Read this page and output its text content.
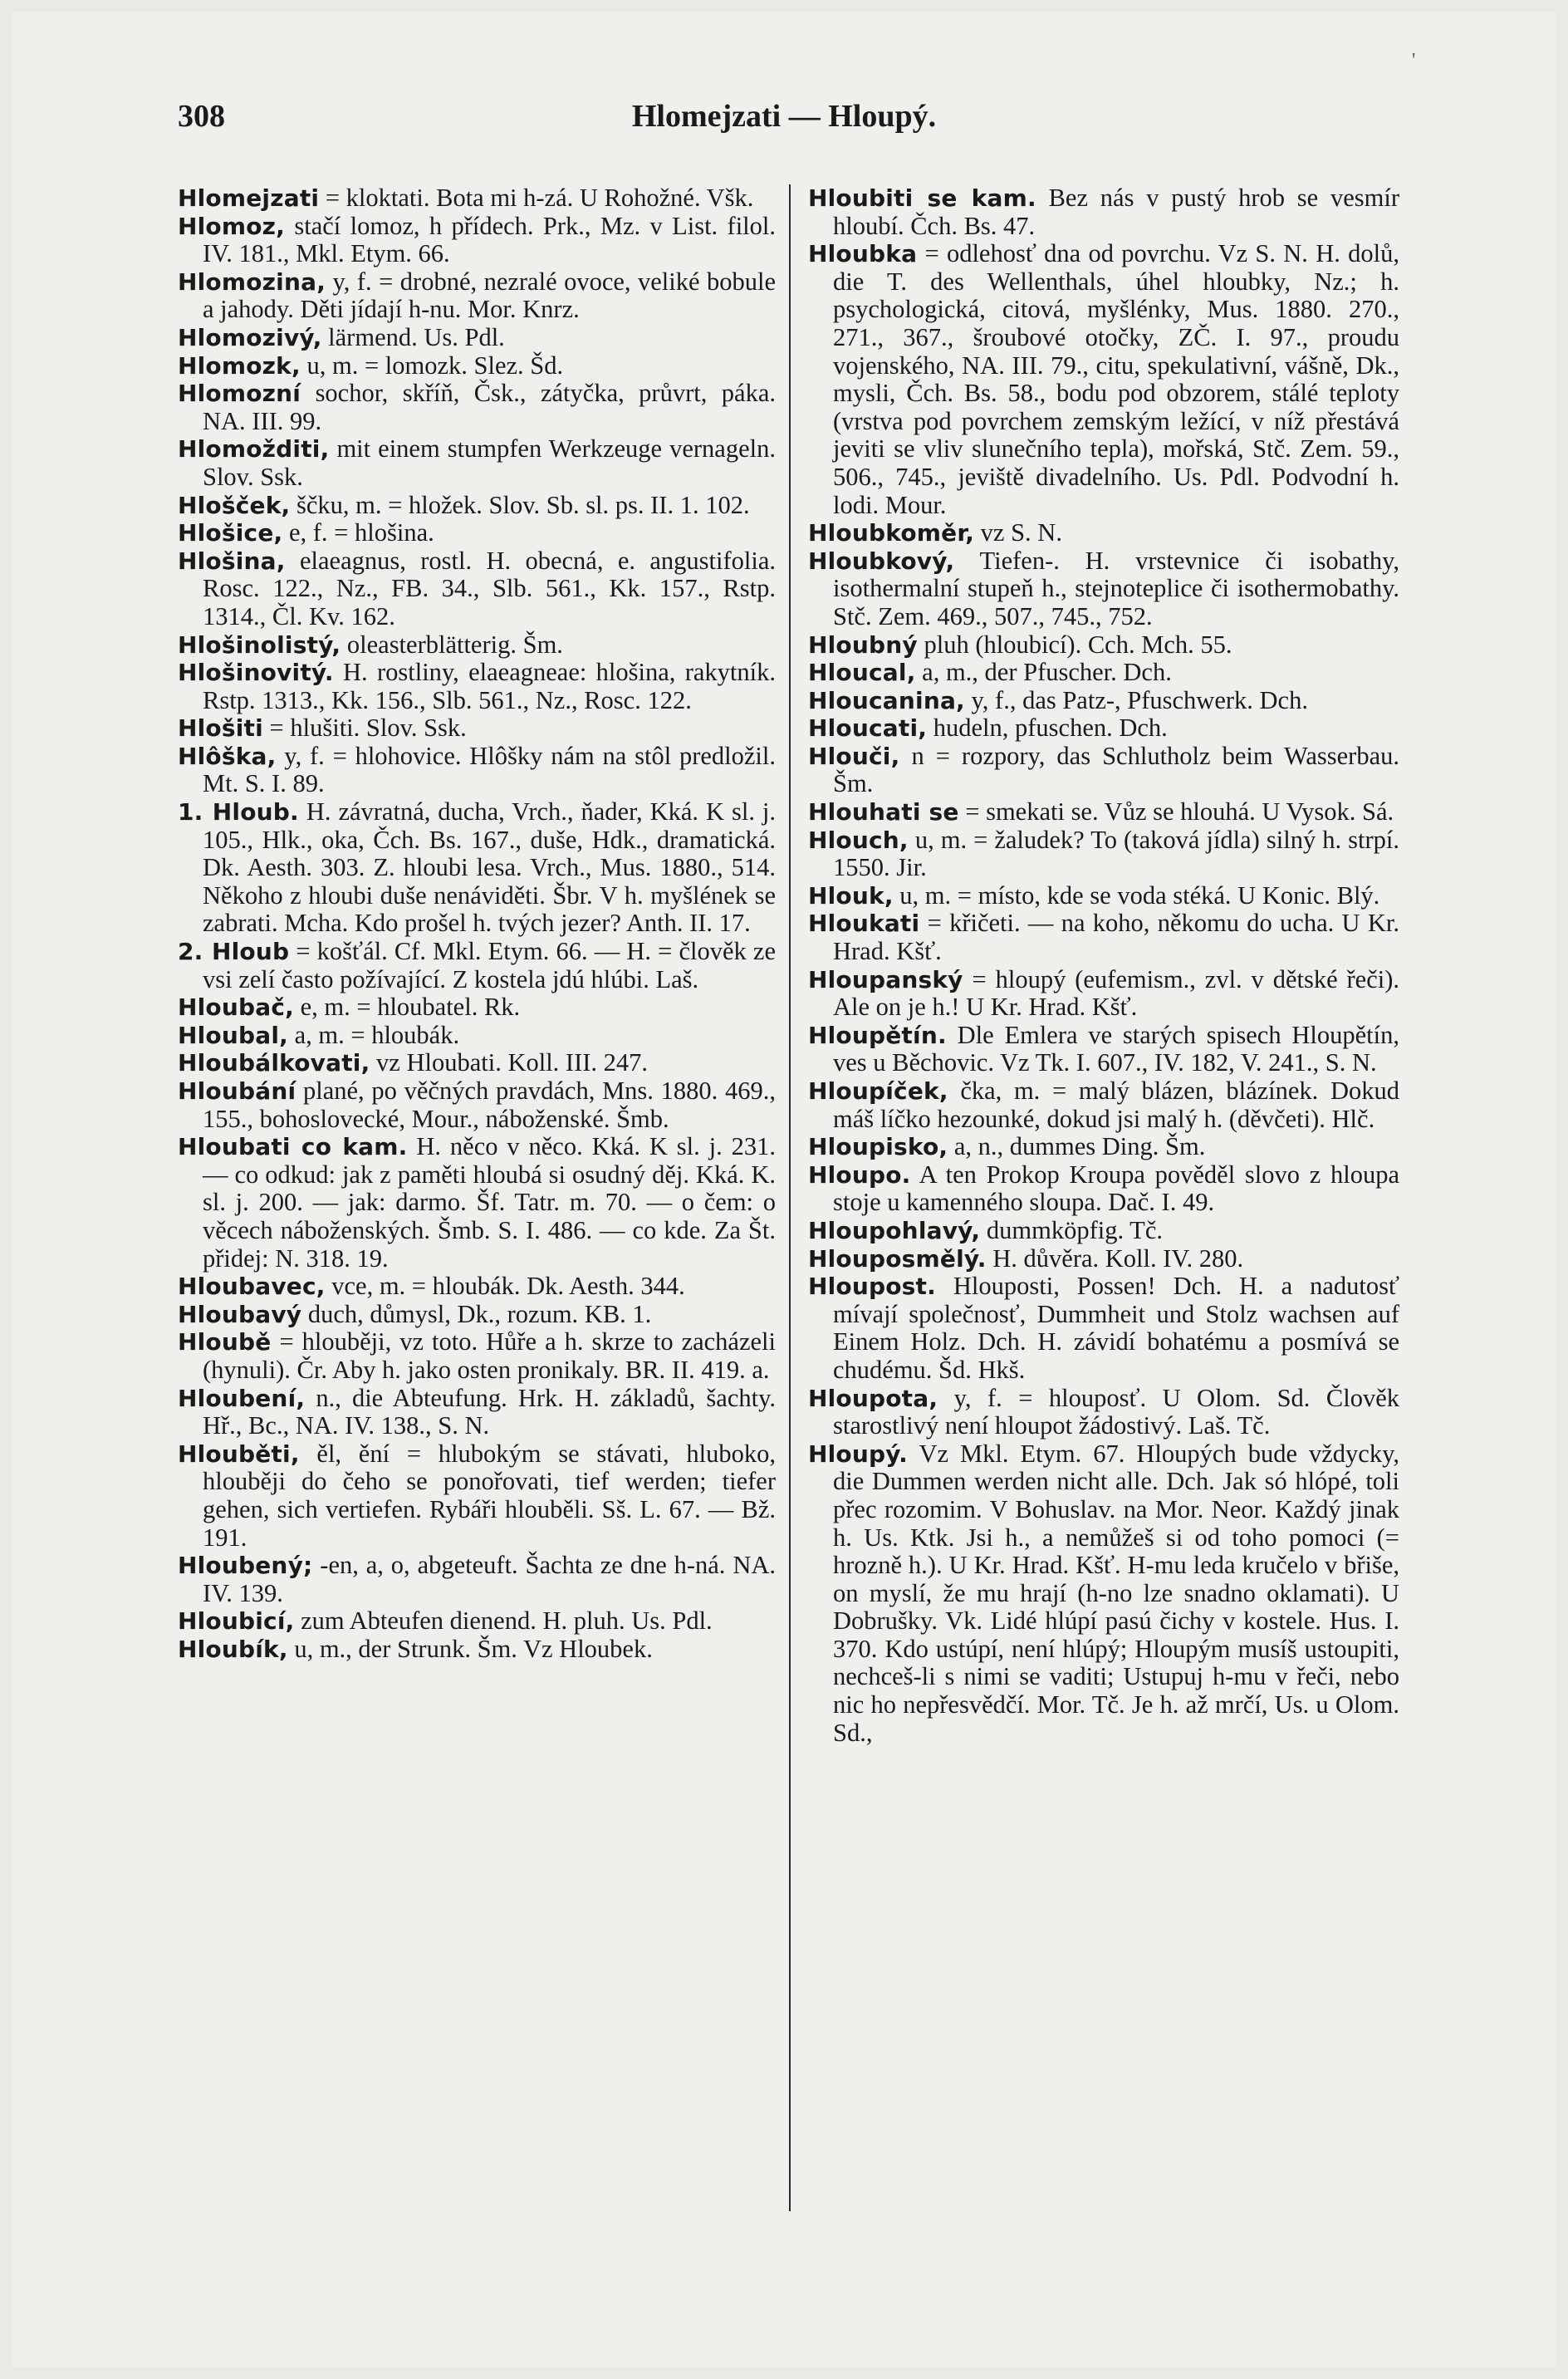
308	Hlomejzati — Hloupý.
'

Hlomejzati = kloktati. Bota mi h-zá. U Rohožné. Všk.

Hlomoz, stačí lomoz, h přídech. Prk., Mz. v List. filol. IV. 181., Mkl. Etym. 66.

Hlomozina, y, f. = drobné, nezralé ovoce, veliké bobule a jahody. Děti jídají h-nu. Mor. Knrz.

Hlomozivý, lärmend. Us. Pdl.

Hlomozk, u, m. = lomozk. Slez. Šd.

Hlomozní sochor, skříň, Čsk., zátyčka, průvrt, páka. NA. III. 99.

Hlomožditi, mit einem stumpfen Werkzeuge vernageln. Slov. Ssk.

Hlošček, ščku, m. = hložek. Slov. Sb. sl. ps. II. 1. 102.

Hlošice, e, f. = hlošina.

Hlošina, elaeagnus, rostl. H. obecná, e. angustifolia. Rosc. 122., Nz., FB. 34., Slb. 561., Kk. 157., Rstp. 1314., Čl. Kv. 162.

Hlošinolistý, oleasterblätterig. Šm.

Hlošinovitý. H. rostliny, elaeagneae: hlošina, rakytník. Rstp. 1313., Kk. 156., Slb. 561., Nz., Rosc. 122.

Hlošiti = hlušiti. Slov. Ssk.

Hlôška, y, f. = hlohovice. Hlôšky nám na stôl predložil. Mt. S. I. 89.

1. Hloub. H. závratná, ducha, Vrch., ňader, Kká. K sl. j. 105., Hlk., oka, Čch. Bs. 167., duše, Hdk., dramatická. Dk. Aesth. 303. Z. hloubi lesa. Vrch., Mus. 1880., 514. Někoho z hloubi duše nenáviděti. Šbr. V h. myšlének se zabrati. Mcha. Kdo prošel h. tvých jezer? Anth. II. 17.

2. Hloub = košťál. Cf. Mkl. Etym. 66. — H. = člověk ze vsi zelí často požívající. Z kostela jdú hlúbi. Laš.

Hloubač, e, m. = hloubatel. Rk.

Hloubal, a, m. = hloubák.

Hloubálkovati, vz Hloubati. Koll. III. 247.

Hloubání plané, po věčných pravdách, Mns. 1880. 469., 155., bohoslovecké, Mour., náboženské. Šmb.

Hloubati co kam. H. něco v něco. Kká. K sl. j. 231. — co odkud: jak z paměti hloubá si osudný děj. Kká. K. sl. j. 200. — jak: darmo. Šf. Tatr. m. 70. — o čem: o věcech náboženských. Šmb. S. I. 486. — co kde. Za Št. přidej: N. 318. 19.

Hloubavec, vce, m. = hloubák. Dk. Aesth. 344.

Hloubavý duch, důmysl, Dk., rozum. KB. 1.

Hloubě = hlouběji, vz toto. Hůře a h. skrze to zacházeli (hynuli). Čr. Aby h. jako osten pronikaly. BR. II. 419. a.

Hloubení, n., die Abteufung. Hrk. H. základů, šachty. Hř., Bc., NA. IV. 138., S. N.

Hlouběti, ěl, ění = hlubokým se stávati, hluboko, hlouběji do čeho se ponořovati, tief werden; tiefer gehen, sich vertiefen. Rybáři hlouběli. Sš. L. 67. — Bž. 191.

Hloubený; -en, a, o, abgeteuft. Šachta ze dne h-ná. NA. IV. 139.

Hloubicí, zum Abteufen dienend. H. pluh. Us. Pdl.

Hloubík, u, m., der Strunk. Šm. Vz Hloubek.

Hloubiti se kam. Bez nás v pustý hrob se vesmír hloubí. Čch. Bs. 47.

Hloubka = odlehosť dna od povrchu. Vz S. N. H. dolů, die T. des Wellenthals, úhel hloubky, Nz.; h. psychologická, citová, myšlénky, Mus. 1880. 270., 271., 367., šroubové otočky, ZČ. I. 97., proudu vojenského, NA. III. 79., citu, spekulativní, vášně, Dk., mysli, Čch. Bs. 58., bodu pod obzorem, stálé teploty (vrstva pod povrchem zemským ležící, v níž přestává jeviti se vliv slunečního tepla), mořská, Stč. Zem. 59., 506., 745., jeviště divadelního. Us. Pdl. Podvodní h. lodi. Mour.

Hloubkoměr, vz S. N.

Hloubkový, Tiefen-. H. vrstevnice či isobathy, isothermalní stupeň h., stejnoteplice či isothermobathy. Stč. Zem. 469., 507., 745., 752.

Hloubný pluh (hloubicí). Cch. Mch. 55.

Hloucal, a, m., der Pfuscher. Dch.

Hloucanina, y, f., das Patz-, Pfuschwerk. Dch.

Hloucati, hudeln, pfuschen. Dch.

Hlouči, n = rozpory, das Schlutholz beim Wasserbau. Šm.

Hlouhati se = smekati se. Vůz se hlouhá. U Vysok. Sá.

Hlouch, u, m. = žaludek? To (taková jídla) silný h. strpí. 1550. Jir.

Hlouk, u, m. = místo, kde se voda stéká. U Konic. Blý.

Hloukati = křičeti. — na koho, někomu do ucha. U Kr. Hrad. Kšť.

Hloupanský = hloupý (eufemism., zvl. v dětské řeči). Ale on je h.! U Kr. Hrad. Kšť.

Hloupětín. Dle Emlera ve starých spisech Hloupětín, ves u Běchovic. Vz Tk. I. 607., IV. 182, V. 241., S. N.

Hloupíček, čka, m. = malý blázen, blázínek. Dokud máš líčko hezounké, dokud jsi malý h. (děvčeti). Hlč.

Hloupisko, a, n., dummes Ding. Šm.

Hloupo. A ten Prokop Kroupa pověděl slovo z hloupa stoje u kamenného sloupa. Dač. I. 49.

Hloupohlavý, dummköpfig. Tč.

Hlouposmělý. H. důvěra. Koll. IV. 280.

Hloupost. Hlouposti, Possen! Dch. H. a nadutosť mívají společnosť, Dummheit und Stolz wachsen auf Einem Holz. Dch. H. závidí bohatému a posmívá se chudému. Šd. Hkš.

Hloupota, y, f. = hlouposť. U Olom. Sd. Člověk starostlivý není hloupot žádostivý. Laš. Tč.

Hloupý. Vz Mkl. Etym. 67. Hloupých bude vždycky, die Dummen werden nicht alle. Dch. Jak só hlópé, toli přec rozomim. V Bohuslav. na Mor. Neor. Každý jinak h. Us. Ktk. Jsi h., a nemůžeš si od toho pomoci (= hrozně h.). U Kr. Hrad. Kšť. H-mu leda kručelo v břiše, on myslí, že mu hrají (h-no lze snadno oklamati). U Dobrušky. Vk. Lidé hlúpí pasú čichy v kostele. Hus. I. 370. Kdo ustúpí, není hlúpý; Hloupým musíš ustoupiti, nechceš-li s nimi se vaditi; Ustupuj h-mu v řeči, nebo nic ho nepřesvědčí. Mor. Tč. Je h. až mrčí, Us. u Olom. Sd.,
